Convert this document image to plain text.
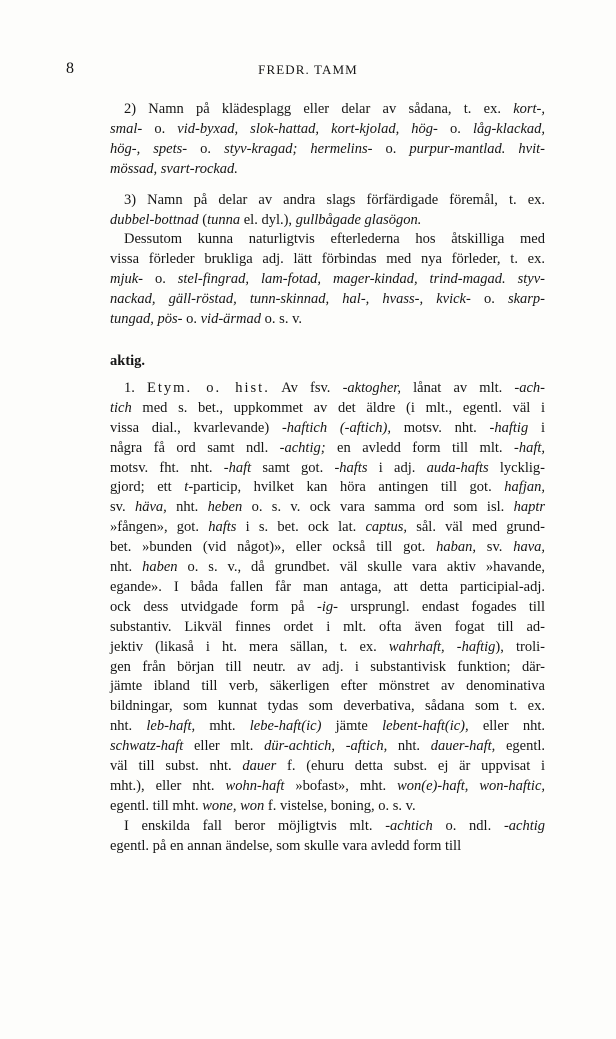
8	FREDR. TAMM
2) Namn på klädesplagg eller delar av sådana, t. ex. kort-,
smal- o. vid-byxad, slok-hattad, kort-kjolad, hög- o. låg-klackad,
hög-, spets- o. styv-kragad; hermelins- o. purpur-mantlad. hvit-
mössad, svart-rockad.
3) Namn på delar av andra slags förfärdigade föremål, t. ex.
dubbel-bottnad (tunna el. dyl.), gullbågade glasögon.
Dessutom kunna naturligtvis efterlederna hos åtskilliga med
vissa förleder brukliga adj. lätt förbindas med nya förleder, t. ex.
mjuk- o. stel-fingrad, lam-fotad, mager-kindad, trind-magad. styv-
nackad, gäll-röstad, tunn-skinnad, hal-, hvass-, kvick- o. skarp-
tungad, pös- o. vid-ärmad o. s. v.
aktig.
1. Etym. o. hist. Av fsv. -aktogher, lånat av mlt. -ach-
tich med s. bet., uppkommet av det äldre (i mlt., egentl. väl i
vissa dial., kvarlevande) -haftich (-aftich), motsv. nht. -haftig i
några få ord samt ndl. -achtig; en avledd form till mlt. -haft,
motsv. fht. nht. -haft samt got. -hafts i adj. auda-hafts lycklig-
gjord; ett t-particip, hvilket kan höra antingen till got. hafjan,
sv. häva, nht. heben o. s. v. ock vara samma ord som isl. haptr
»fången», got. hafts i s. bet. ock lat. captus, sål. väl med grund-
bet. »bunden (vid något)», eller också till got. haban, sv. hava,
nht. haben o. s. v., då grundbet. väl skulle vara aktiv »havande,
egande». I båda fallen får man antaga, att detta participial-adj.
ock dess utvidgade form på -ig- ursprungl. endast fogades till
substantiv. Likväl finnes ordet i mlt. ofta även fogat till ad-
jektiv (likaså i ht. mera sällan, t. ex. wahrhaft, -haftig), troli-
gen från början till neutr. av adj. i substantivisk funktion; där-
jämte ibland till verb, säkerligen efter mönstret av denominativa
bildningar, som kunnat tydas som deverbativa, sådana som t. ex.
nht. leb-haft, mht. lebe-haft(ic) jämte lebent-haft(ic), eller nht.
schwatz-haft eller mlt. dür-achtich, -aftich, nht. dauer-haft, egentl.
väl till subst. nht. dauer f. (ehuru detta subst. ej är uppvisat i
mht.), eller nht. wohn-haft »bofast», mht. won(e)-haft, won-haftic,
egentl. till mht. wone, won f. vistelse, boning, o. s. v.
I enskilda fall beror möjligtvis mlt. -achtich o. ndl. -achtig
egentl. på en annan ändelse, som skulle vara avledd form till
